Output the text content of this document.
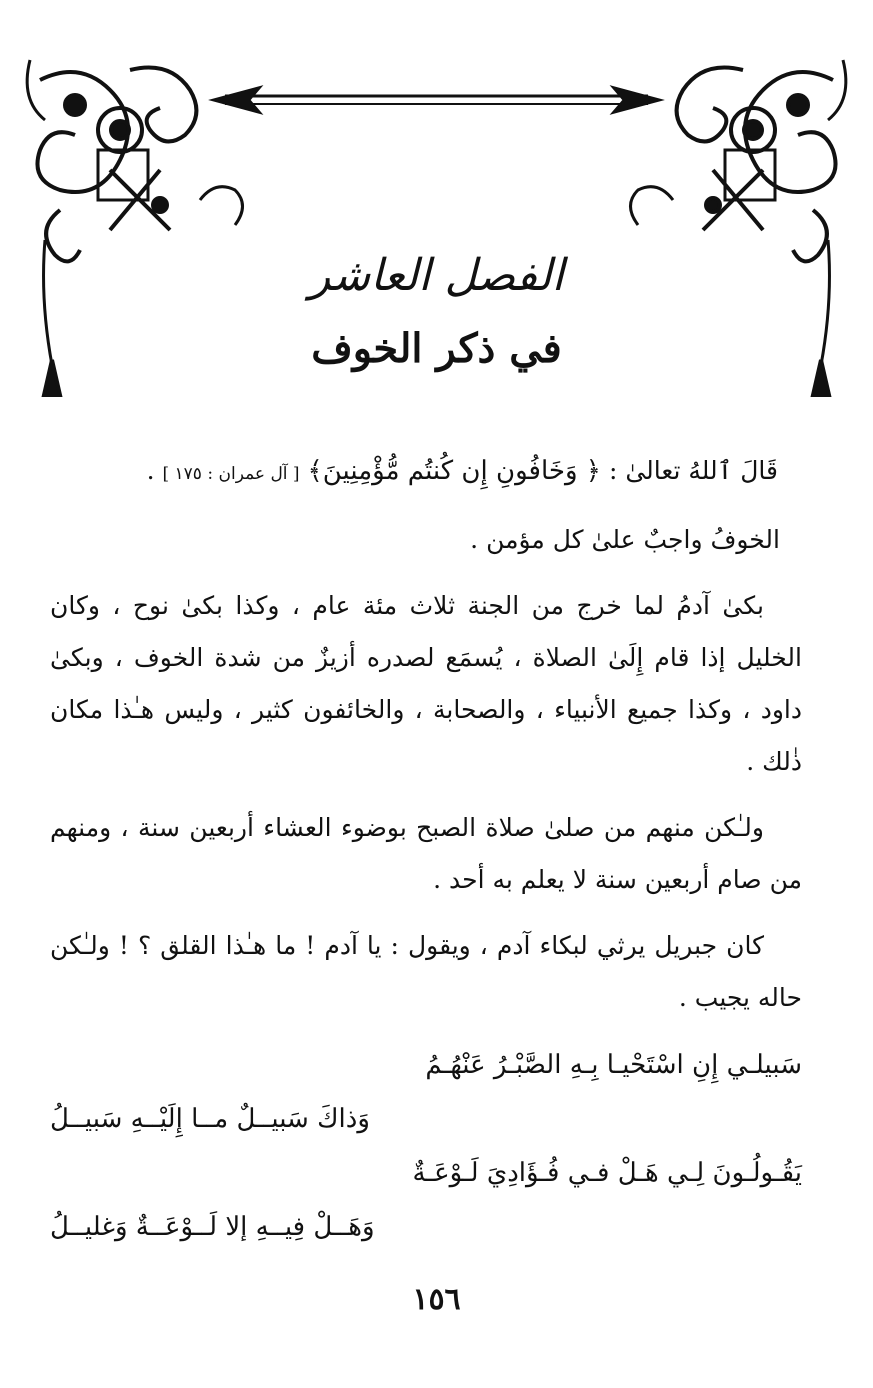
الفصل العاشر
في ذكر الخوف

قَالَ ٱللهُ تعالىٰ : ﴿ وَخَافُونِ إِن كُنتُم مُّؤْمِنِينَ﴾ [ آل عمران : ١٧٥ ] .

الخوفُ واجبٌ علىٰ كل مؤمن .

بكىٰ آدمُ لما خرج من الجنة ثلاث مئة عام ، وكذا بكىٰ نوح ، وكان الخليل إذا قام إِلَىٰ الصلاة ، يُسمَع لصدره أزيزٌ من شدة الخوف ، وبكىٰ داود ، وكذا جميع الأنبياء ، والصحابة ، والخائفون كثير ، وليس هـٰذا مكان ذٰلك .

ولـٰكن منهم من صلىٰ صلاة الصبح بوضوء العشاء أربعين سنة ، ومنهم من صام أربعين سنة لا يعلم به أحد .

كان جبريل يرثي لبكاء آدم ، ويقول : يا آدم ! ما هـٰذا القلق ؟ ! ولـٰكن حاله يجيب .

سَبيلـي إِنِ اسْتَحْيـا بِـهِ الصَّبْـرُ عَنْهُـمُ
وَذاكَ سَبيــلٌ مــا إِلَيْــهِ سَبيــلُ
يَقُـولُـونَ لِـي هَـلْ فـي فُـؤَادِيَ لَـوْعَـةٌ
وَهَــلْ فِيــهِ إلا لَــوْعَــةٌ وَغليــلُ
١٥٦
